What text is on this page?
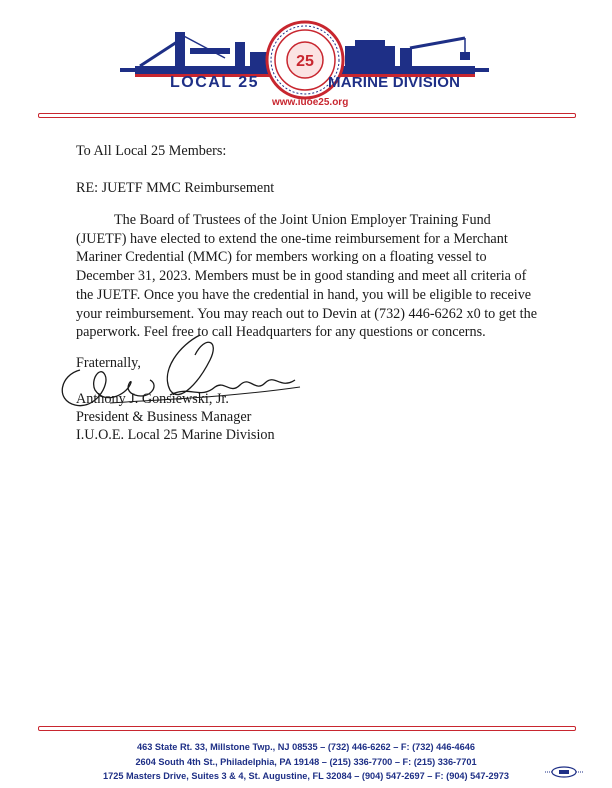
25
LOCAL 25	MARINE DIVISION
www.iuoe25.org
To All Local 25 Members:
RE: JUETF MMC Reimbursement

The Board of Trustees of the Joint Union Employer Training Fund (JUETF) have elected to extend the one-time reimbursement for a Merchant Mariner Credential (MMC) for members working on a floating vessel to December 31, 2023. Members must be in good standing and meet all criteria of the JUETF. Once you have the credential in hand, you will be eligible to receive your reimbursement. You may reach out to Devin at (732) 446-6262 x0 to get the paperwork. Feel free to call Headquarters for any questions or concerns.

Fraternally,
Anthony J. Gonsiewski, Jr.
President & Business Manager
I.U.O.E. Local 25 Marine Division
463 State Rt. 33, Millstone Twp., NJ 08535 – (732) 446-6262 – F: (732) 446-4646
2604 South 4th St., Philadelphia, PA 19148 – (215) 336-7700 – F: (215) 336-7701
1725 Masters Drive, Suites 3 & 4, St. Augustine, FL 32084 – (904) 547-2697 – F: (904) 547-2973
